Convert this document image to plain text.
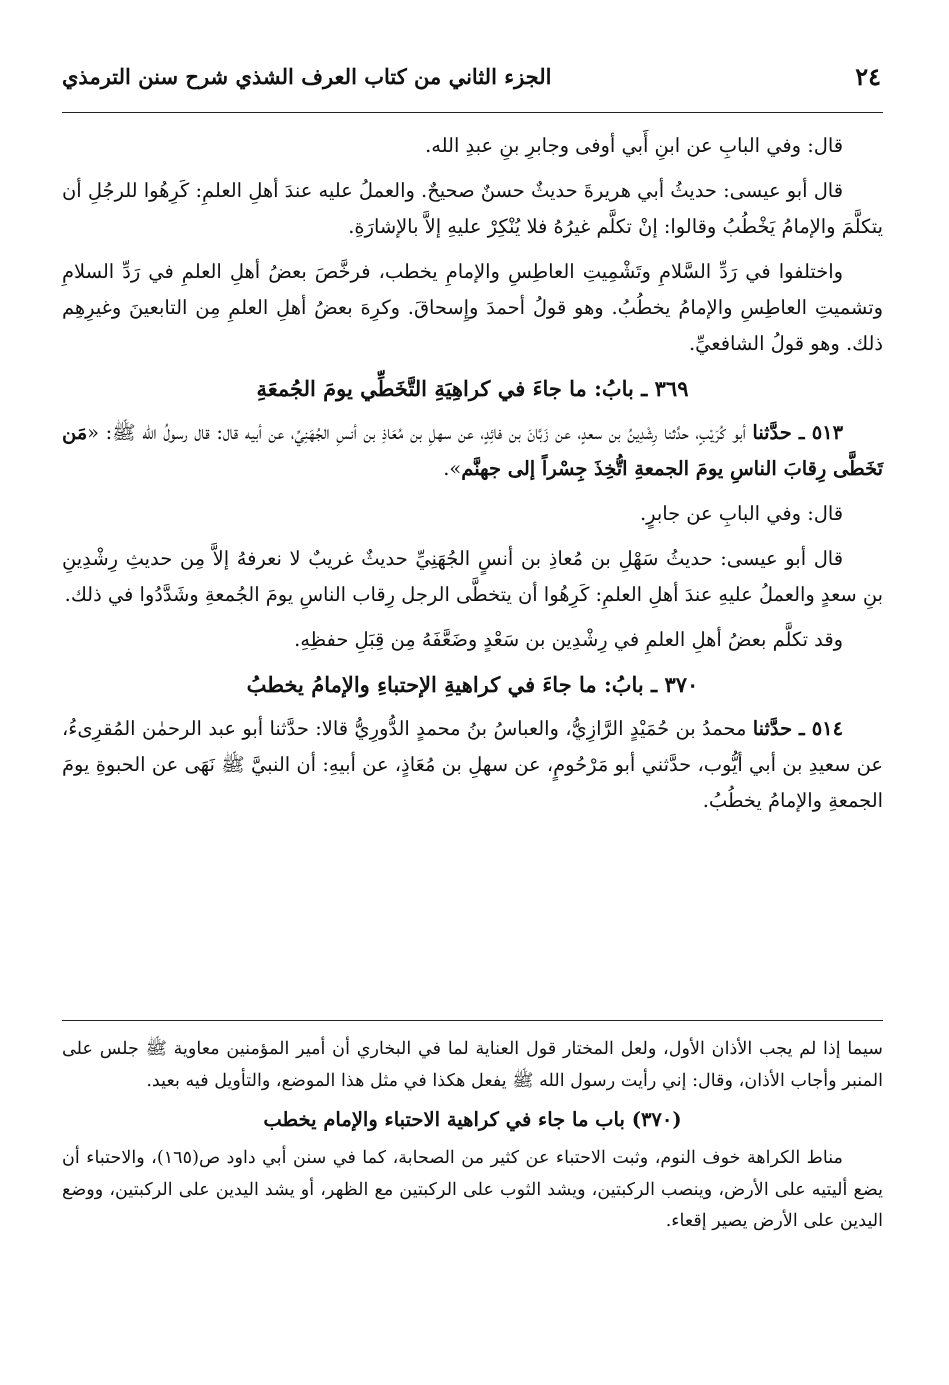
٢٤
الجزء الثاني من كتاب العرف الشذي شرح سنن الترمذي

قال: وفي البابِ عن ابنِ أَبي أوفى وجابرِ بنِ عبدِ الله.

قال أبو عيسى: حديثُ أبي هريرةَ حديثٌ حسنٌ صحيحٌ. والعملُ عليه عندَ أهلِ العلمِ: كَرِهُوا للرجُلِ أن يتكلَّمَ والإمامُ يَخْطُبُ وقالوا: إنْ تكلَّم غيرُهُ فلا يُنْكِرْ عليهِ إلاَّ بالإشارَةِ.

واختلفوا في رَدِّ السَّلامِ وتَشْمِيتِ العاطِسِ والإمامِ يخطب، فرخَّصَ بعضُ أهلِ العلمِ في رَدِّ السلامِ وتشميتِ العاطِسِ والإمامُ يخطُبُ. وهو قولُ أحمدَ وإِسحاقَ. وكرِهَ بعضُ أهلِ العلمِ مِن التابعينَ وغيرِهِم ذلك. وهو قولُ الشافعيِّ.

٣٦٩ ـ بابُ: ما جاءَ في كراهِيَةِ التَّخَطِّي يومَ الجُمعَةِ

٥١٣ ـ حدَّثنا أبو كُرَيْبٍ، حدَّثنا رِشْدِينُ بن سعدٍ، عن زَبَّانَ بن فائِدٍ، عن سهلِ بن مُعَاذِ بن أنسِ الجُهَنِيِّ، عن أبيه قال: قال رسولُ الله ﷺ: «مَن تَخَطَّى رِقابَ الناسِ يومَ الجمعةِ اتُّخِذَ جِسْراً إلى جهنَّم».

قال: وفي البابِ عن جابرٍ.

قال أبو عيسى: حديثُ سَهْلِ بن مُعاذِ بن أنسٍ الجُهَنِيِّ حديثٌ غريبٌ لا نعرفهُ إلاَّ مِن حديثِ رِشْدِينِ بنِ سعدٍ والعملُ عليهِ عندَ أهلِ العلمِ: كَرِهُوا أن يتخطَّى الرجل رِقاب الناسِ يومَ الجُمعةِ وشَدَّدُوا في ذلك.

وقد تكلَّم بعضُ أهلِ العلمِ في رِشْدِين بن سَعْدٍ وضَعَّفَهُ مِن قِبَلِ حفظِهِ.

٣٧٠ ـ بابُ: ما جاءَ في كراهيةِ الإحتباءِ والإمامُ يخطبُ

٥١٤ ـ حدَّثنا محمدُ بن حُمَيْدٍ الرَّازِيُّ، والعباسُ بنُ محمدٍ الدُّورِيُّ قالا: حدَّثنا أبو عبد الرحمٰن المُقرِىءُ، عن سعيدِ بن أبي أيُّوب، حدَّثني أبو مَرْحُومٍ، عن سهلِ بن مُعَاذٍ، عن أبيهِ: أن النبيَّ ﷺ نَهَى عن الحبوةِ يومَ الجمعةِ والإمامُ يخطُبُ.

سيما إذا لم يجب الأذان الأول، ولعل المختار قول العناية لما في البخاري أن أمير المؤمنين معاوية ﷺ جلس على المنبر وأجاب الأذان، وقال: إني رأيت رسول الله ﷺ يفعل هكذا في مثل هذا الموضع، والتأويل فيه بعيد.

(٣٧٠) باب ما جاء في كراهية الاحتباء والإمام يخطب

مناط الكراهة خوف النوم، وثبت الاحتباء عن كثير من الصحابة، كما في سنن أبي داود ص(١٦٥)، والاحتباء أن يضع أليتيه على الأرض، وينصب الركبتين، ويشد الثوب على الركبتين مع الظهر، أو يشد اليدين على الركبتين، ووضع اليدين على الأرض يصير إقعاء.
